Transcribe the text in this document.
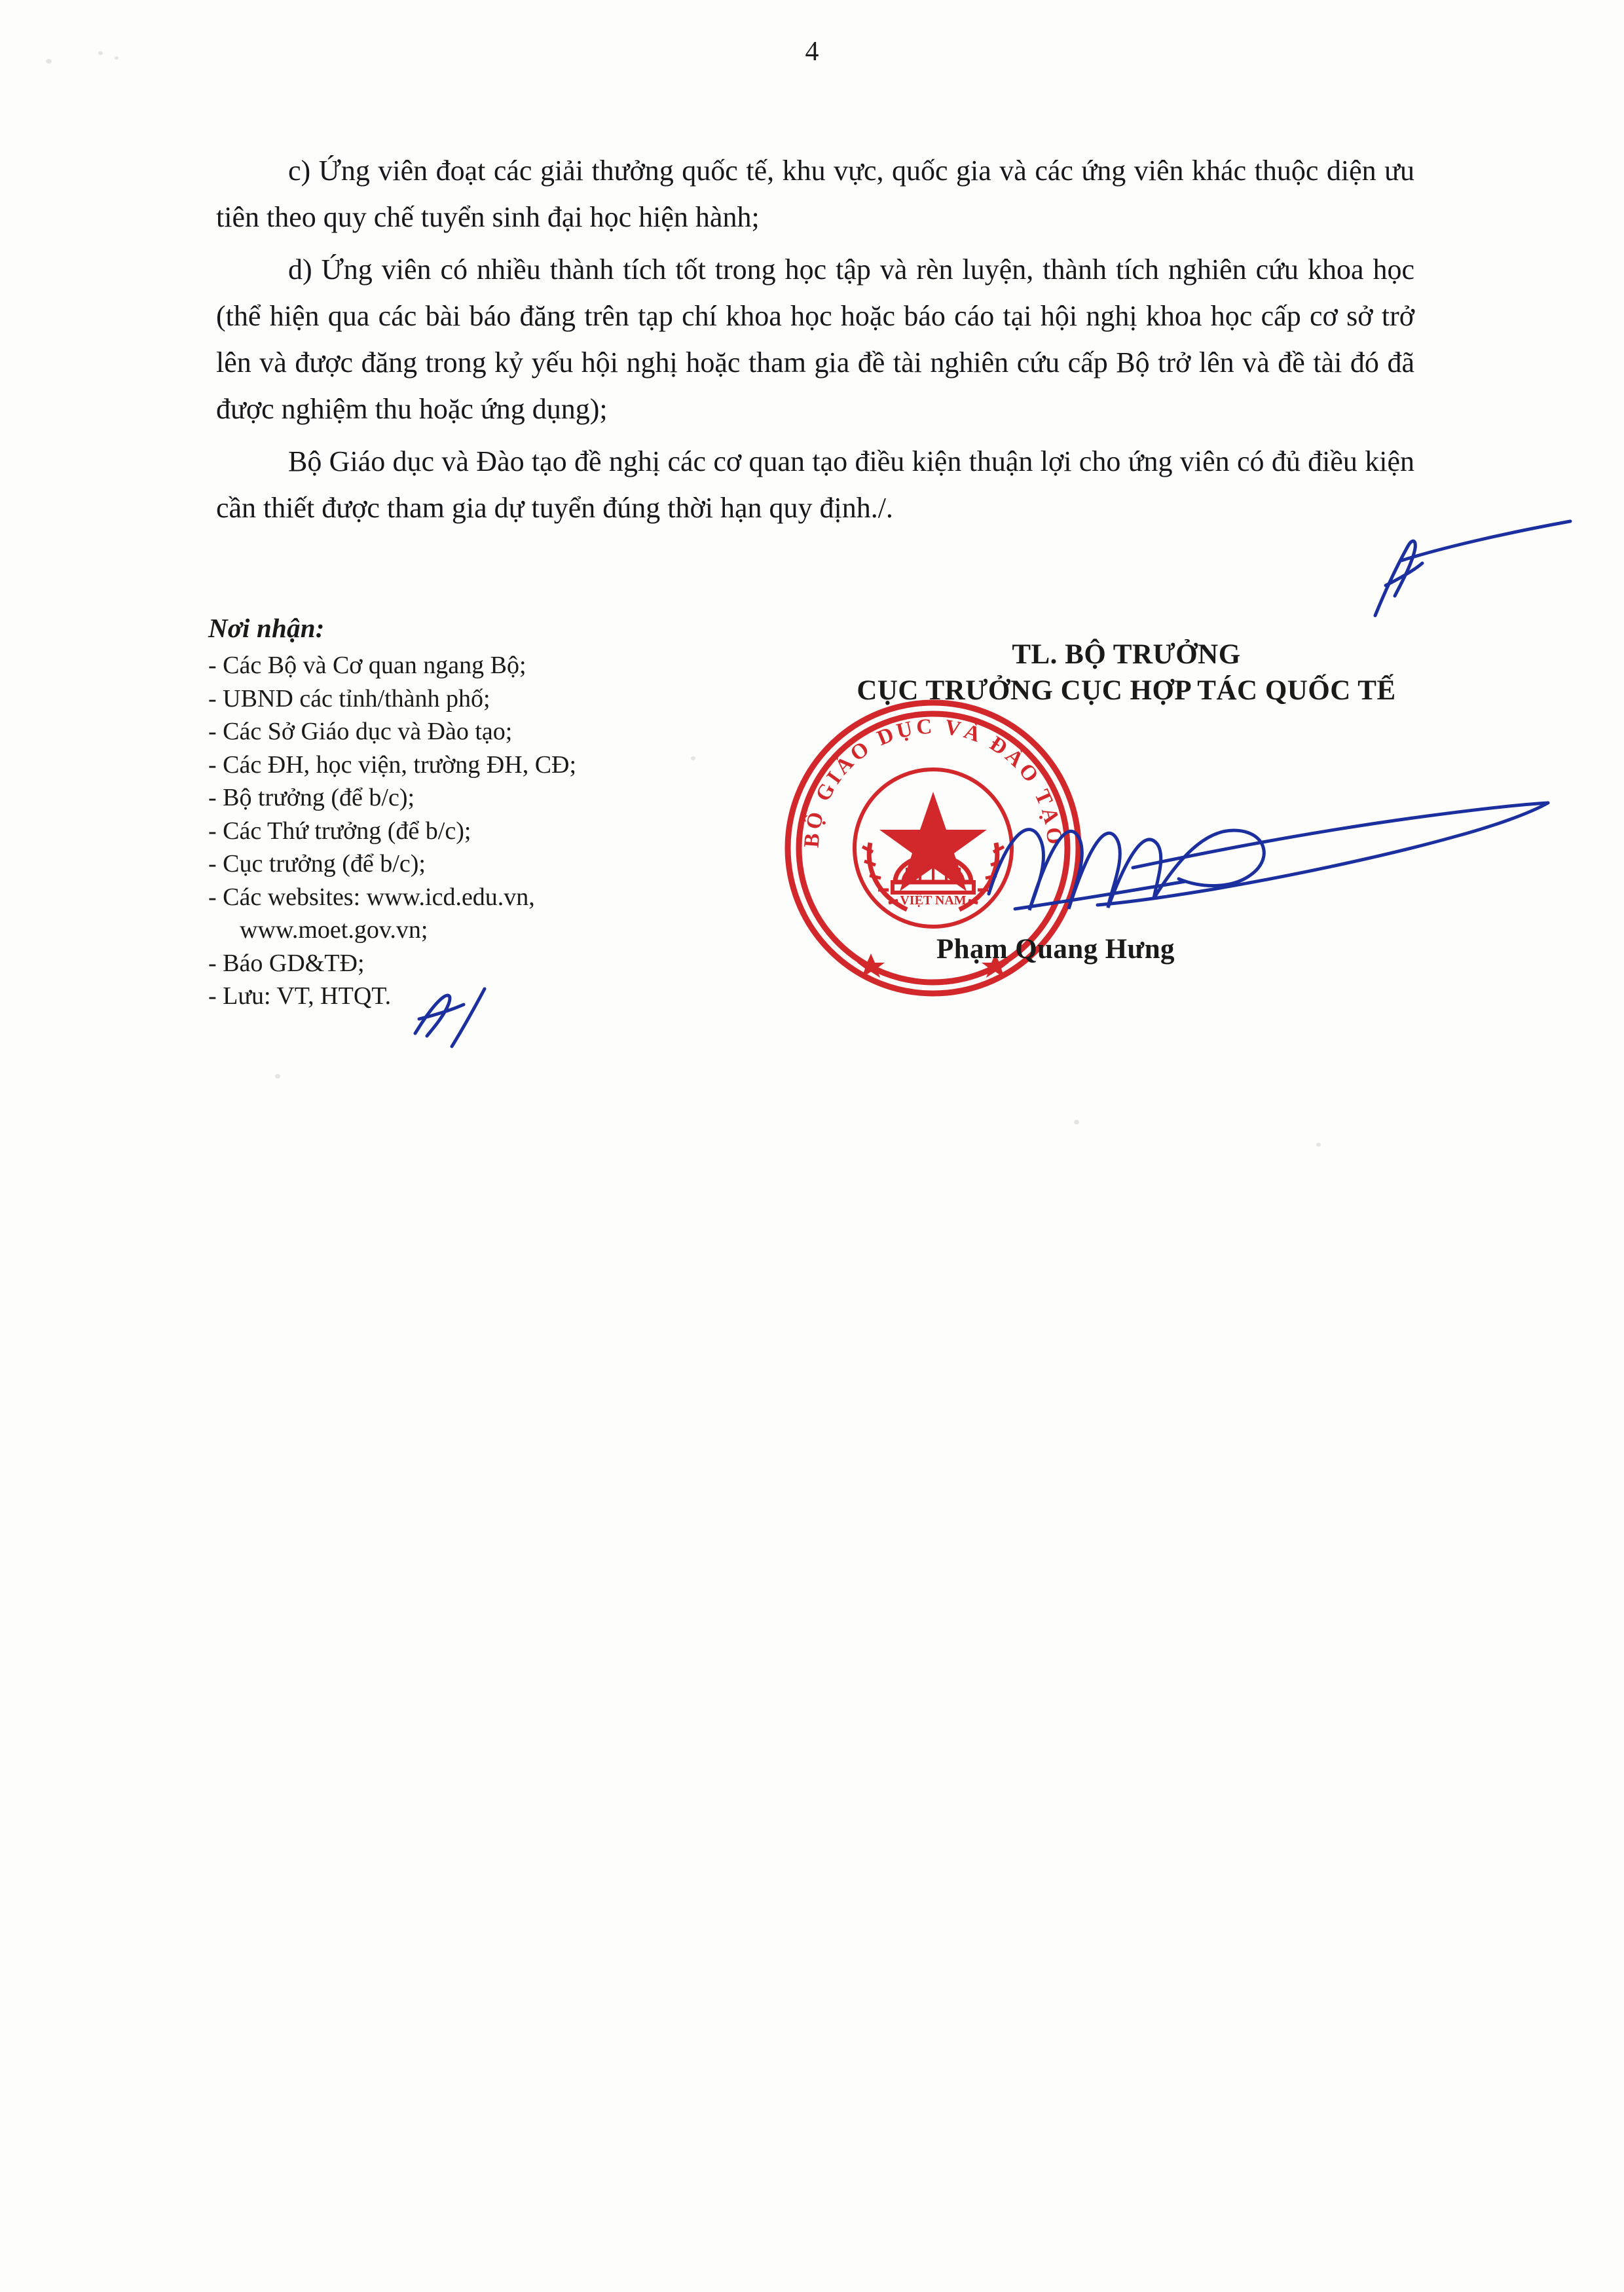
4

c) Ứng viên đoạt các giải thưởng quốc tế, khu vực, quốc gia và các ứng viên khác thuộc diện ưu tiên theo quy chế tuyển sinh đại học hiện hành;

d) Ứng viên có nhiều thành tích tốt trong học tập và rèn luyện, thành tích nghiên cứu khoa học (thể hiện qua các bài báo đăng trên tạp chí khoa học hoặc báo cáo tại hội nghị khoa học cấp cơ sở trở lên và được đăng trong kỷ yếu hội nghị hoặc tham gia đề tài nghiên cứu cấp Bộ trở lên và đề tài đó đã được nghiệm thu hoặc ứng dụng);

Bộ Giáo dục và Đào tạo đề nghị các cơ quan tạo điều kiện thuận lợi cho ứng viên có đủ điều kiện cần thiết được tham gia dự tuyển đúng thời hạn quy định./.

Nơi nhận:
- Các Bộ và Cơ quan ngang Bộ;
- UBND các tỉnh/thành phố;
- Các Sở Giáo dục và Đào tạo;
- Các ĐH, học viện, trường ĐH, CĐ;
- Bộ trưởng (để b/c);
- Các Thứ trưởng (để b/c);
- Cục trưởng (để b/c);
- Các websites: www.icd.edu.vn,
www.moet.gov.vn;
- Báo GD&TĐ;
- Lưu: VT, HTQT.
TL. BỘ TRƯỞNG
CỤC TRƯỞNG CỤC HỢP TÁC QUỐC TẾ
BỘ GIÁO DỤC VÀ ĐÀO TẠO
VIỆT NAM
Phạm Quang Hưng
